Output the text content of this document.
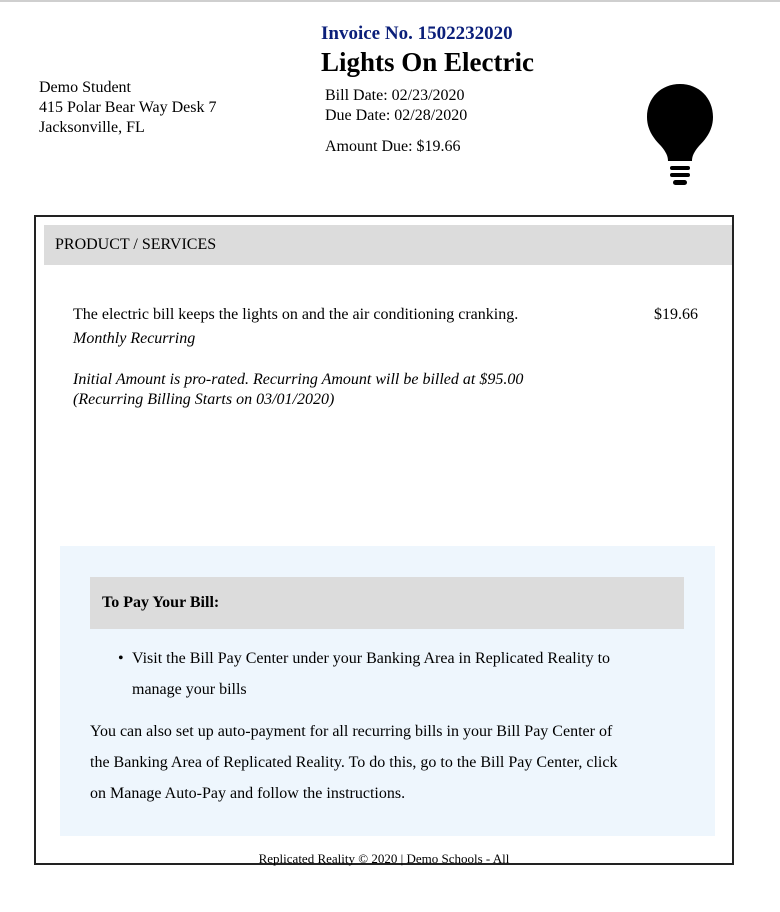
Demo Student
415 Polar Bear Way Desk 7
Jacksonville, FL
Invoice No. 1502232020
Lights On Electric
Bill Date: 02/23/2020
Due Date: 02/28/2020
Amount Due: $19.66
PRODUCT / SERVICES
The electric bill keeps the lights on and the air conditioning cranking.	$19.66
Monthly Recurring
Initial Amount is pro-rated. Recurring Amount will be billed at $95.00
(Recurring Billing Starts on 03/01/2020)
To Pay Your Bill:
• Visit the Bill Pay Center under your Banking Area in Replicated Reality to
manage your bills
You can also set up auto-payment for all recurring bills in your Bill Pay Center of
the Banking Area of Replicated Reality. To do this, go to the Bill Pay Center, click
on Manage Auto-Pay and follow the instructions.
Replicated Reality © 2020 | Demo Schools - All
